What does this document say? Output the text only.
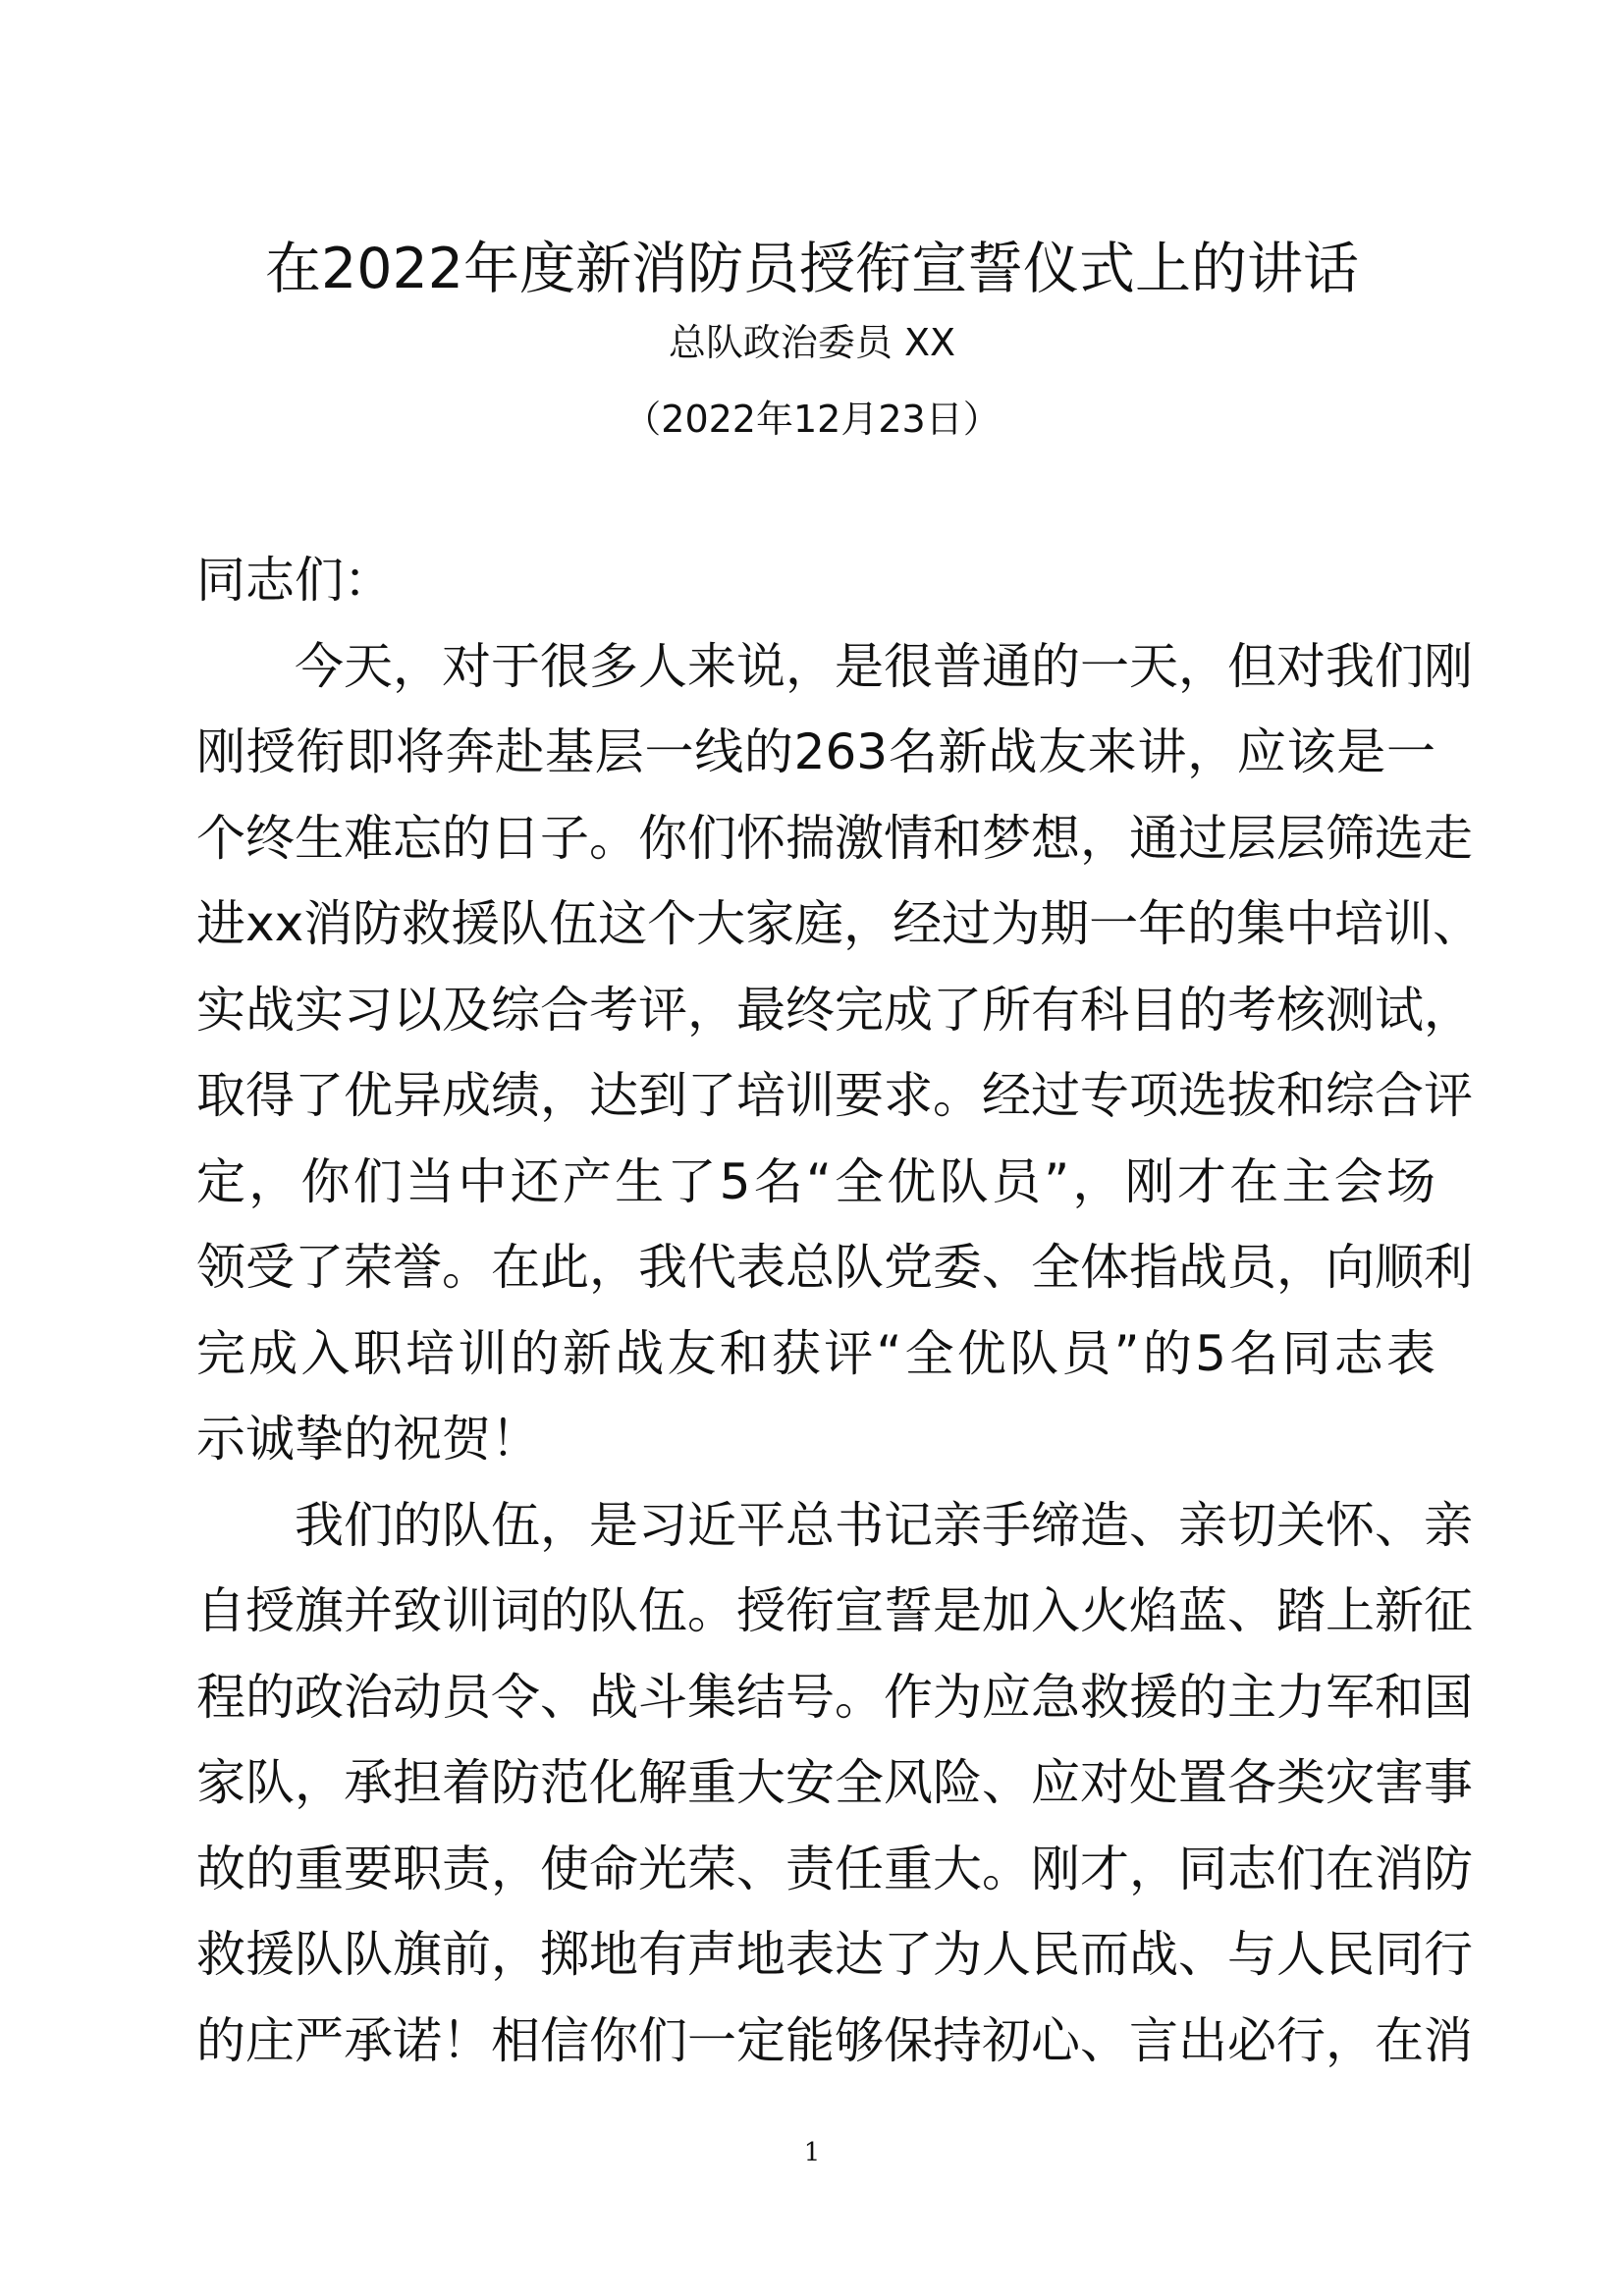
在2022年度新消防员授衔宣誓仪式上的讲话
总队政治委员 XX
（2022年12月23日）
同志们：
今天，对于很多人来说，是很普通的一天，但对我们刚
刚授衔即将奔赴基层一线的263名新战友来讲，应该是一
个终生难忘的日子。你们怀揣激情和梦想，通过层层筛选走
进xx消防救援队伍这个大家庭，经过为期一年的集中培训、
实战实习以及综合考评，最终完成了所有科目的考核测试，
取得了优异成绩，达到了培训要求。经过专项选拔和综合评
定，你们当中还产生了5名“全优队员”，刚才在主会场
领受了荣誉。在此，我代表总队党委、全体指战员，向顺利
完成入职培训的新战友和获评“全优队员”的5名同志表
示诚挚的祝贺！
我们的队伍，是习近平总书记亲手缔造、亲切关怀、亲
自授旗并致训词的队伍。授衔宣誓是加入火焰蓝、踏上新征
程的政治动员令、战斗集结号。作为应急救援的主力军和国
家队，承担着防范化解重大安全风险、应对处置各类灾害事
故的重要职责，使命光荣、责任重大。刚才，同志们在消防
救援队队旗前，掷地有声地表达了为人民而战、与人民同行
的庄严承诺！相信你们一定能够保持初心、言出必行，在消
1
